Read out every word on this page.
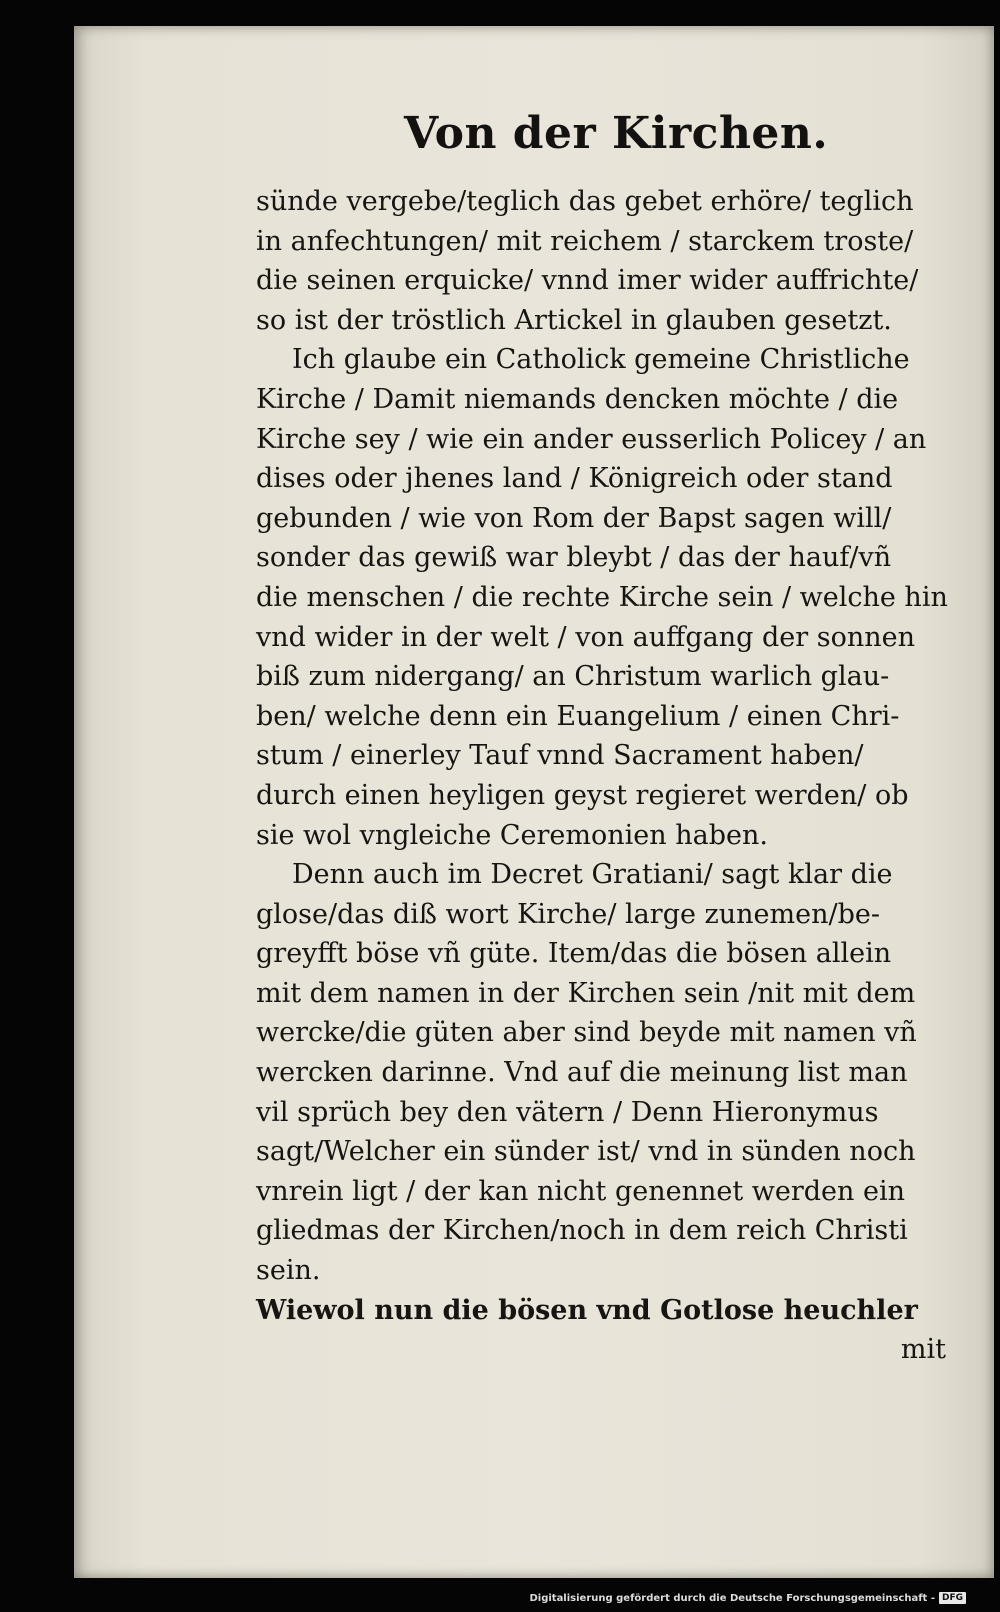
Von der Kirchen.
sünde vergebe/teglich das gebet erhöre/ teglich
in anfechtungen/ mit reichem / starckem troste/
die seinen erquicke/ vnnd imer wider auffrichte/
so ist der tröstlich Artickel in glauben gesetzt.
Ich glaube ein Catholick gemeine Christliche
Kirche / Damit niemands dencken möchte / die
Kirche sey / wie ein ander eusserlich Policey / an
dises oder jhenes land / Königreich oder stand
gebunden / wie von Rom der Bapst sagen will/
sonder das gewiß war bleybt / das der hauf/vñ
die menschen / die rechte Kirche sein / welche hin
vnd wider in der welt / von auffgang der sonnen
biß zum nidergang/ an Christum warlich glau-
ben/ welche denn ein Euangelium / einen Chri-
stum / einerley Tauf vnnd Sacrament haben/
durch einen heyligen geyst regieret werden/ ob
sie wol vngleiche Ceremonien haben.
Denn auch im Decret Gratiani/ sagt klar die
glose/das diß wort Kirche/ large zunemen/be-
greyfft böse vñ güte. Item/das die bösen allein
mit dem namen in der Kirchen sein /nit mit dem
wercke/die güten aber sind beyde mit namen vñ
wercken darinne. Vnd auf die meinung list man
vil sprüch bey den vätern / Denn Hieronymus
sagt/Welcher ein sünder ist/ vnd in sünden noch
vnrein ligt / der kan nicht genennet werden ein
gliedmas der Kirchen/noch in dem reich Christi
sein.
Wiewol nun die bösen vnd Gotlose heuchler
mit
Digitalisierung gefördert durch die Deutsche Forschungsgemeinschaft - DFG
